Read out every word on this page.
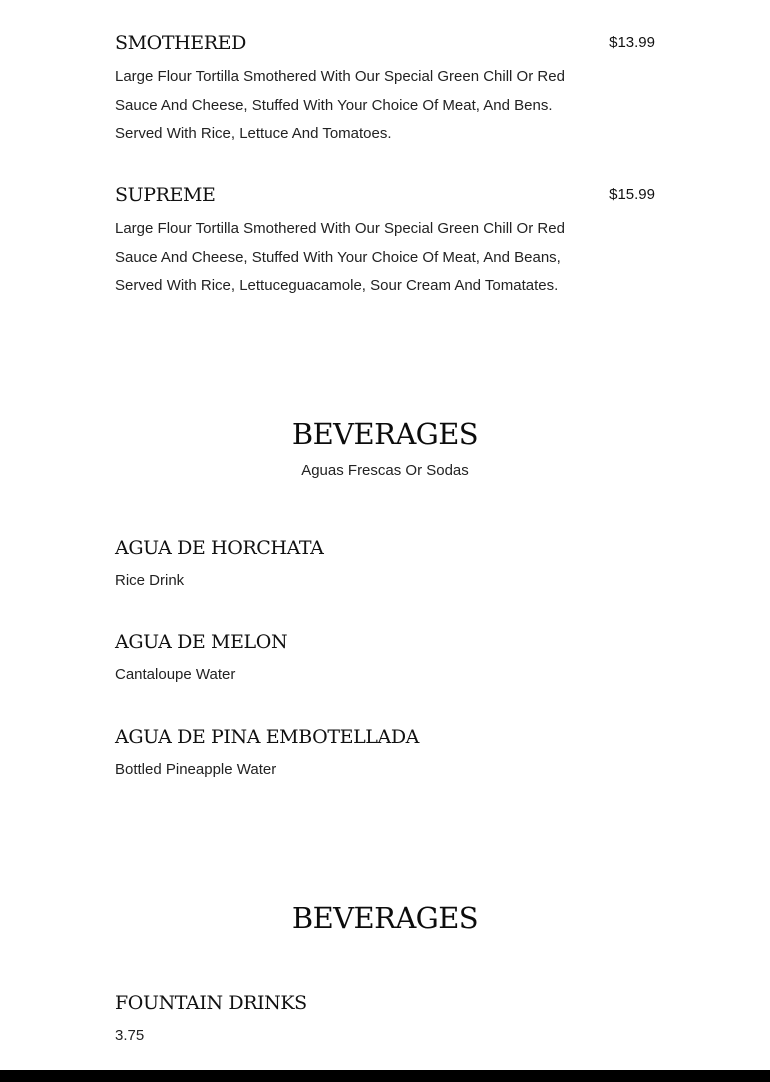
SMOTHERED	$13.99

Large Flour Tortilla Smothered With Our Special Green Chill Or Red Sauce And Cheese, Stuffed With Your Choice Of Meat, And Bens. Served With Rice, Lettuce And Tomatoes.

SUPREME	$15.99

Large Flour Tortilla Smothered With Our Special Green Chill Or Red Sauce And Cheese, Stuffed With Your Choice Of Meat, And Beans, Served With Rice, Lettuceguacamole, Sour Cream And Tomatates.

BEVERAGES

Aguas Frescas Or Sodas

AGUA DE HORCHATA

Rice Drink

AGUA DE MELON

Cantaloupe Water

AGUA DE PINA EMBOTELLADA

Bottled Pineapple Water

BEVERAGES
FOUNTAIN DRINKS

3.75
